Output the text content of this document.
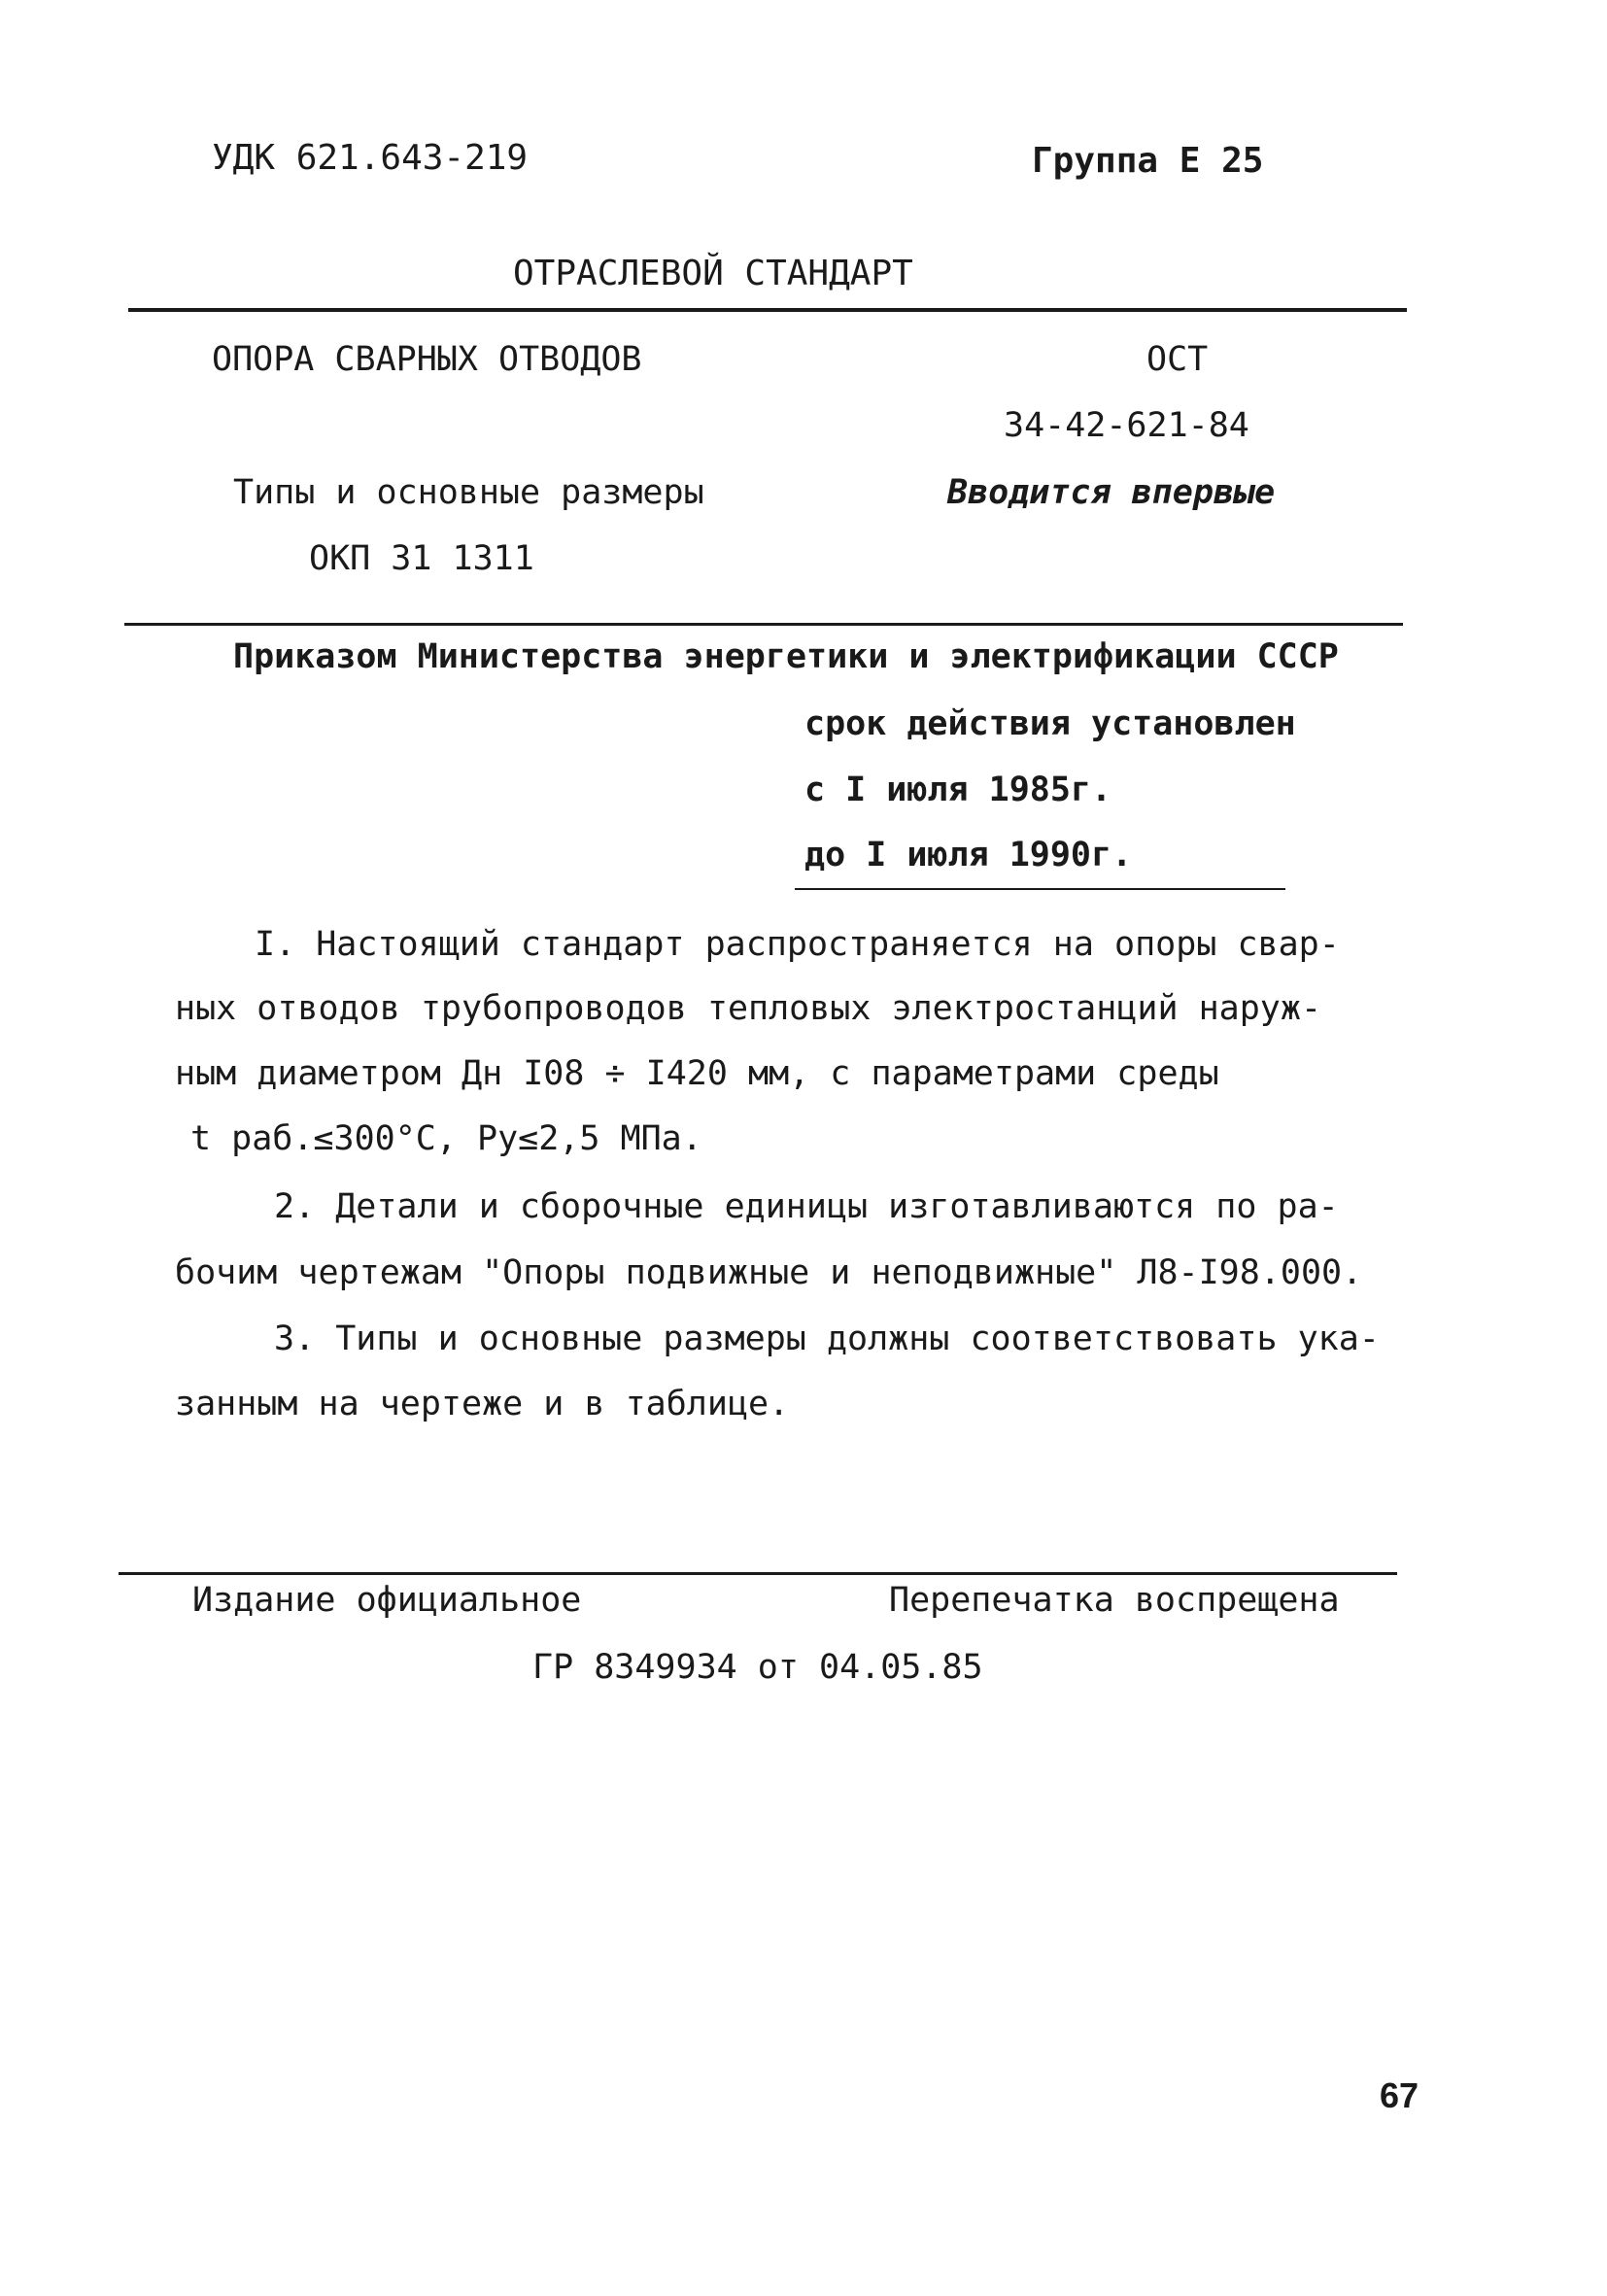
УДК 621.643-219	Группа Е 25
ОТРАСЛЕВОЙ СТАНДАРТ
ОПОРА СВАРНЫХ ОТВОДОВ	ОСТ
34-42-621-84
Типы и основные размеры	Вводится впервые
ОКП 31 1311
Приказом Министерства энергетики и электрификации СССР
срок действия установлен
с I июля 1985г.
до I июля 1990г.
I. Настоящий стандарт распространяется на опоры свар-
ных отводов трубопроводов тепловых электростанций наруж-
ным диаметром Дн I08 ÷ I420 мм, с параметрами среды
t раб.≤300°С, Ру≤2,5 МПа.
2. Детали и сборочные единицы изготавливаются по ра-
бочим чертежам "Опоры подвижные и неподвижные" Л8-I98.000.
3. Типы и основные размеры должны соответствовать ука-
занным на чертеже и в таблице.
Издание официальное	Перепечатка воспрещена
ГР 8349934 от 04.05.85
67
